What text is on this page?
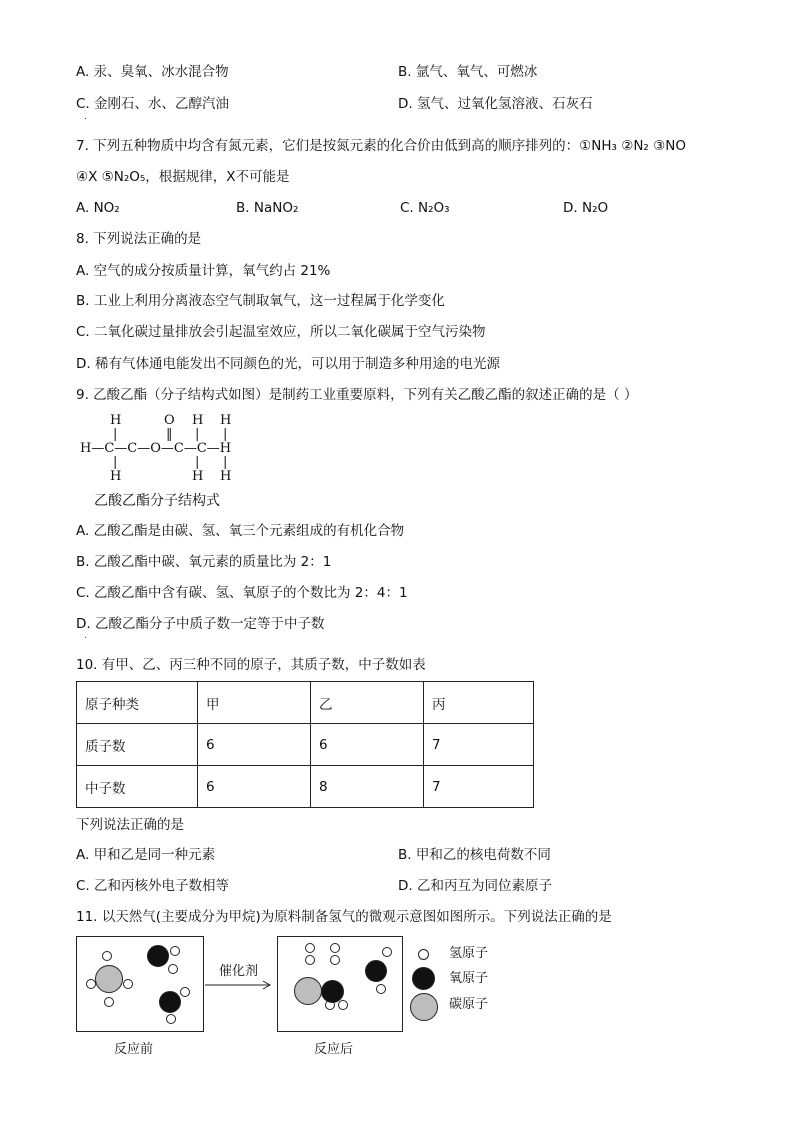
A. 汞、臭氧、冰水混合物	B. 氩气、氧气、可燃冰
C. 金刚石、水、乙醇汽油	D. 氢气、过氧化氢溶液、石灰石
.
7. 下列五种物质中均含有氮元素，它们是按氮元素的化合价由低到高的顺序排列的：①NH₃ ②N₂ ③NO
④X ⑤N₂O₅，根据规律，X不可能是
A. NO₂	B. NaNO₂	C. N₂O₃	D. N₂O
8. 下列说法正确的是
A. 空气的成分按质量计算，氧气约占 21%
B. 工业上利用分离液态空气制取氧气，这一过程属于化学变化
C. 二氧化碳过量排放会引起温室效应，所以二氧化碳属于空气污染物
D. 稀有气体通电能发出不同颜色的光，可以用于制造多种用途的电光源
9. 乙酸乙酯（分子结构式如图）是制药工业重要原料，下列有关乙酸乙酯的叙述正确的是（ ）
H	O H H
|	‖ | |
H—C—C—O—C—C—H
|	| |
H	H H
乙酸乙酯分子结构式
A. 乙酸乙酯是由碳、氢、氧三个元素组成的有机化合物
B. 乙酸乙酯中碳、氧元素的质量比为 2：1
C. 乙酸乙酯中含有碳、氢、氧原子的个数比为 2：4：1
D. 乙酸乙酯分子中质子数一定等于中子数
.
10. 有甲、乙、丙三种不同的原子，其质子数，中子数如表
原子种类	甲	乙	丙
质子数	6	6	7
中子数	6	8	7
下列说法正确的是
A. 甲和乙是同一种元素	B. 甲和乙的核电荷数不同
C. 乙和丙核外电子数相等	D. 乙和丙互为同位素原子
11. 以天然气(主要成分为甲烷)为原料制备氢气的微观示意图如图所示。下列说法正确的是
反应前
催化剂
反应后
氢原子
氧原子
碳原子
